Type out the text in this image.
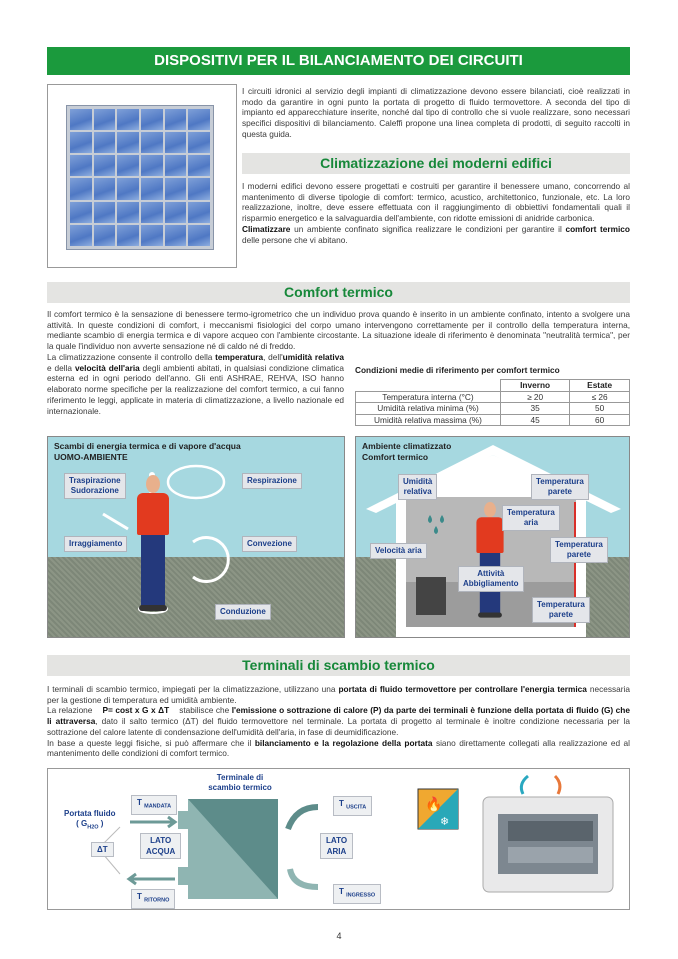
DISPOSITIVI PER IL BILANCIAMENTO DEI CIRCUITI

I circuiti idronici al servizio degli impianti di climatizzazione devono essere bilanciati, cioè realizzati in modo da garantire in ogni punto la portata di progetto di fluido termovettore. A seconda del tipo di impianto ed apparecchiature inserite, nonché dal tipo di controllo che si vuole realizzare, sono necessari specifici dispositivi di bilanciamento. Caleffi propone una linea completa di prodotti, di seguito raccolti in questa guida.

Climatizzazione dei moderni edifici

I moderni edifici devono essere progettati e costruiti per garantire il benessere umano, concorrendo al mantenimento di diverse tipologie di comfort: termico, acustico, architettonico, funzionale, etc. La loro realizzazione, inoltre, deve essere effettuata con il raggiungimento di obbiettivi fondamentali quali il risparmio energetico e la salvaguardia dell'ambiente, con ridotte emissioni di anidride carbonica.
Climatizzare un ambiente confinato significa realizzare le condizioni per garantire il comfort termico delle persone che vi abitano.

Comfort termico

Il comfort termico è la sensazione di benessere termo-igrometrico che un individuo prova quando è inserito in un ambiente confinato, intento a svolgere una attività. In queste condizioni di comfort, i meccanismi fisiologici del corpo umano intervengono correttamente per il controllo della temperatura interna, mediante scambio di energia termica e di vapore acqueo con l'ambiente circostante. La situazione ideale di riferimento è denominata "neutralità termica", per la quale l'individuo non avverte sensazione né di caldo né di freddo.

La climatizzazione consente il controllo della temperatura, dell'umidità relativa e della velocità dell'aria degli ambienti abitati, in qualsiasi condizione climatica esterna ed in ogni periodo dell'anno. Gli enti ASHRAE, REHVA, ISO hanno elaborato norme specifiche per la realizzazione del comfort termico, a cui fanno riferimento le leggi, applicate in materia di climatizzazione, a livello nazionale ed internazionale.

Condizioni medie di riferimento per comfort termico
	Inverno	Estate
Temperatura interna (°C)	≥ 20	≤ 26
Umidità relativa minima (%)	35	50
Umidità relativa massima (%)	45	60
Scambi di energia termica e di vapore d'acqua
UOMO-AMBIENTE
Traspirazione
Sudorazione
Respirazione
Irraggiamento	Convezione
Conduzione
Ambiente climatizzato
Comfort termico
Umidità
relativa
Temperatura
parete
Temperatura
aria
Velocità aria
Temperatura
parete
Attività
Abbigliamento
Temperatura
parete
Terminali di scambio termico

I terminali di scambio termico, impiegati per la climatizzazione, utilizzano una portata di fluido termovettore per controllare l'energia termica necessaria per la gestione di temperatura ed umidità ambiente.

La relazione    P= cost x G x ΔT    stabilisce che l'emissione o sottrazione di calore (P) da parte dei terminali è funzione della portata di fluido (G) che li attraversa, dato il salto termico (ΔT) del fluido termovettore nel terminale. La portata di progetto al terminale è inoltre condizione necessaria per la sottrazione del calore latente di condensazione dell'umidità dell'aria, in fase di deumidificazione.

In base a queste leggi fisiche, si può affermare che il bilanciamento e la regolazione della portata siano direttamente collegati alla realizzazione ed al mantenimento delle condizioni di comfort termico.

🔥
❄
Terminale di
scambio termico
Portata fluido
( $G_{H2O}$ )
ΔT
T $_{MANDATA}$
T $_{RITORNO}$
LATO
ACQUA
T $_{USCITA}$
T $_{INGRESSO}$
LATO
ARIA
4
